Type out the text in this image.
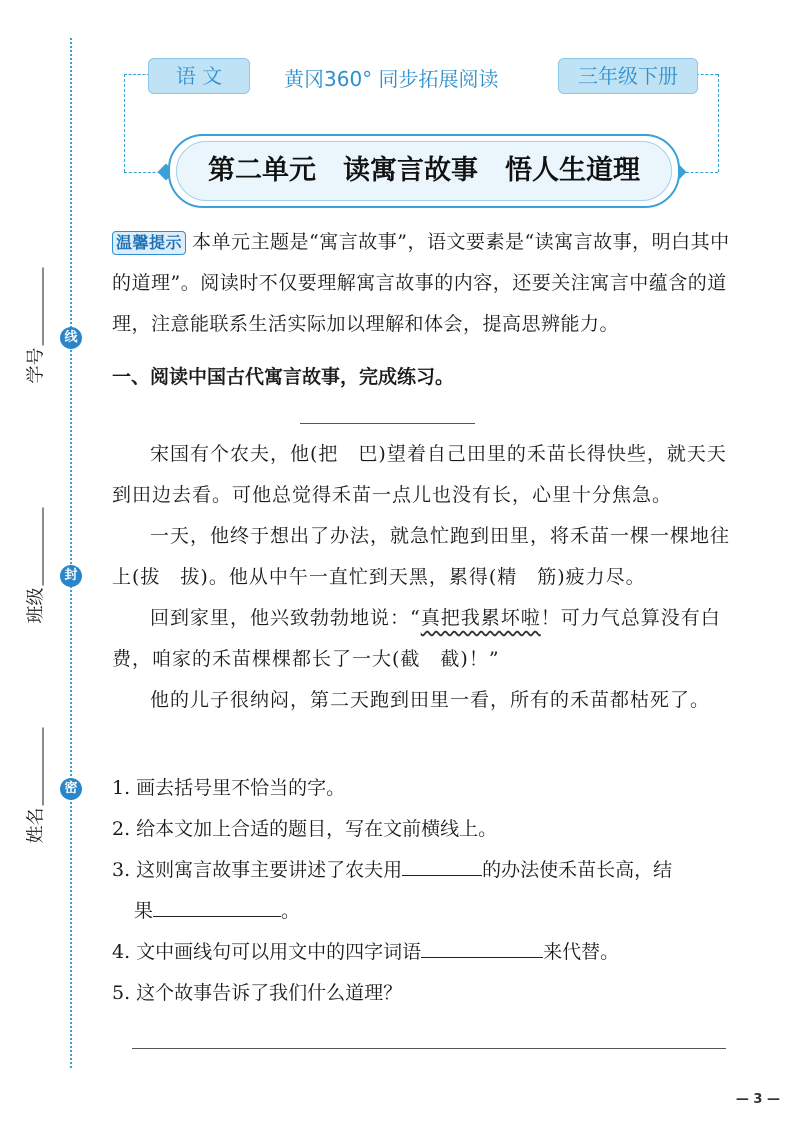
线
封
密
学号
班级
姓名
语 文	黄冈360° 同步拓展阅读	三年级下册
第二单元　读寓言故事　悟人生道理
温馨提示 本单元主题是“寓言故事”，语文要素是“读寓言故事，明白其中的道理”。阅读时不仅要理解寓言故事的内容，还要关注寓言中蕴含的道理，注意能联系生活实际加以理解和体会，提高思辨能力。
一、阅读中国古代寓言故事，完成练习。

宋国有个农夫，他(把　巴)望着自己田里的禾苗长得快些，就天天到田边去看。可他总觉得禾苗一点儿也没有长，心里十分焦急。

一天，他终于想出了办法，就急忙跑到田里，将禾苗一棵一棵地往上(拔　拔)。他从中午一直忙到天黑，累得(精　筋)疲力尽。

回到家里，他兴致勃勃地说：“真把我累坏啦！可力气总算没有白费，咱家的禾苗棵棵都长了一大(截　截)！”

他的儿子很纳闷，第二天跑到田里一看，所有的禾苗都枯死了。

1. 画去括号里不恰当的字。
2. 给本文加上合适的题目，写在文前横线上。
3. 这则寓言故事主要讲述了农夫用	的办法使禾苗长高，结
果	。
4. 文中画线句可以用文中的四字词语	来代替。
5. 这个故事告诉了我们什么道理？
— 3 —
